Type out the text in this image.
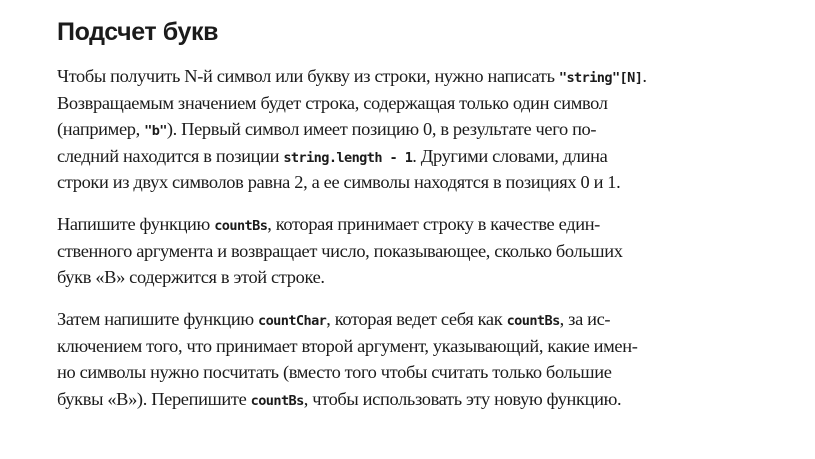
Подсчет букв
Чтобы получить N-й символ или букву из строки, нужно написать "string"[N].
Возвращаемым значением будет строка, содержащая только один символ
(например, "b"). Первый символ имеет позицию 0, в результате чего по-
следний находится в позиции string.length - 1. Другими словами, длина
строки из двух символов равна 2, а ее символы находятся в позициях 0 и 1.
Напишите функцию countBs, которая принимает строку в качестве един-
ственного аргумента и возвращает число, показывающее, сколько больших
букв «В» содержится в этой строке.
Затем напишите функцию countChar, которая ведет себя как countBs, за ис-
ключением того, что принимает второй аргумент, указывающий, какие имен-
но символы нужно посчитать (вместо того чтобы считать только большие
буквы «В»). Перепишите countBs, чтобы использовать эту новую функцию.
